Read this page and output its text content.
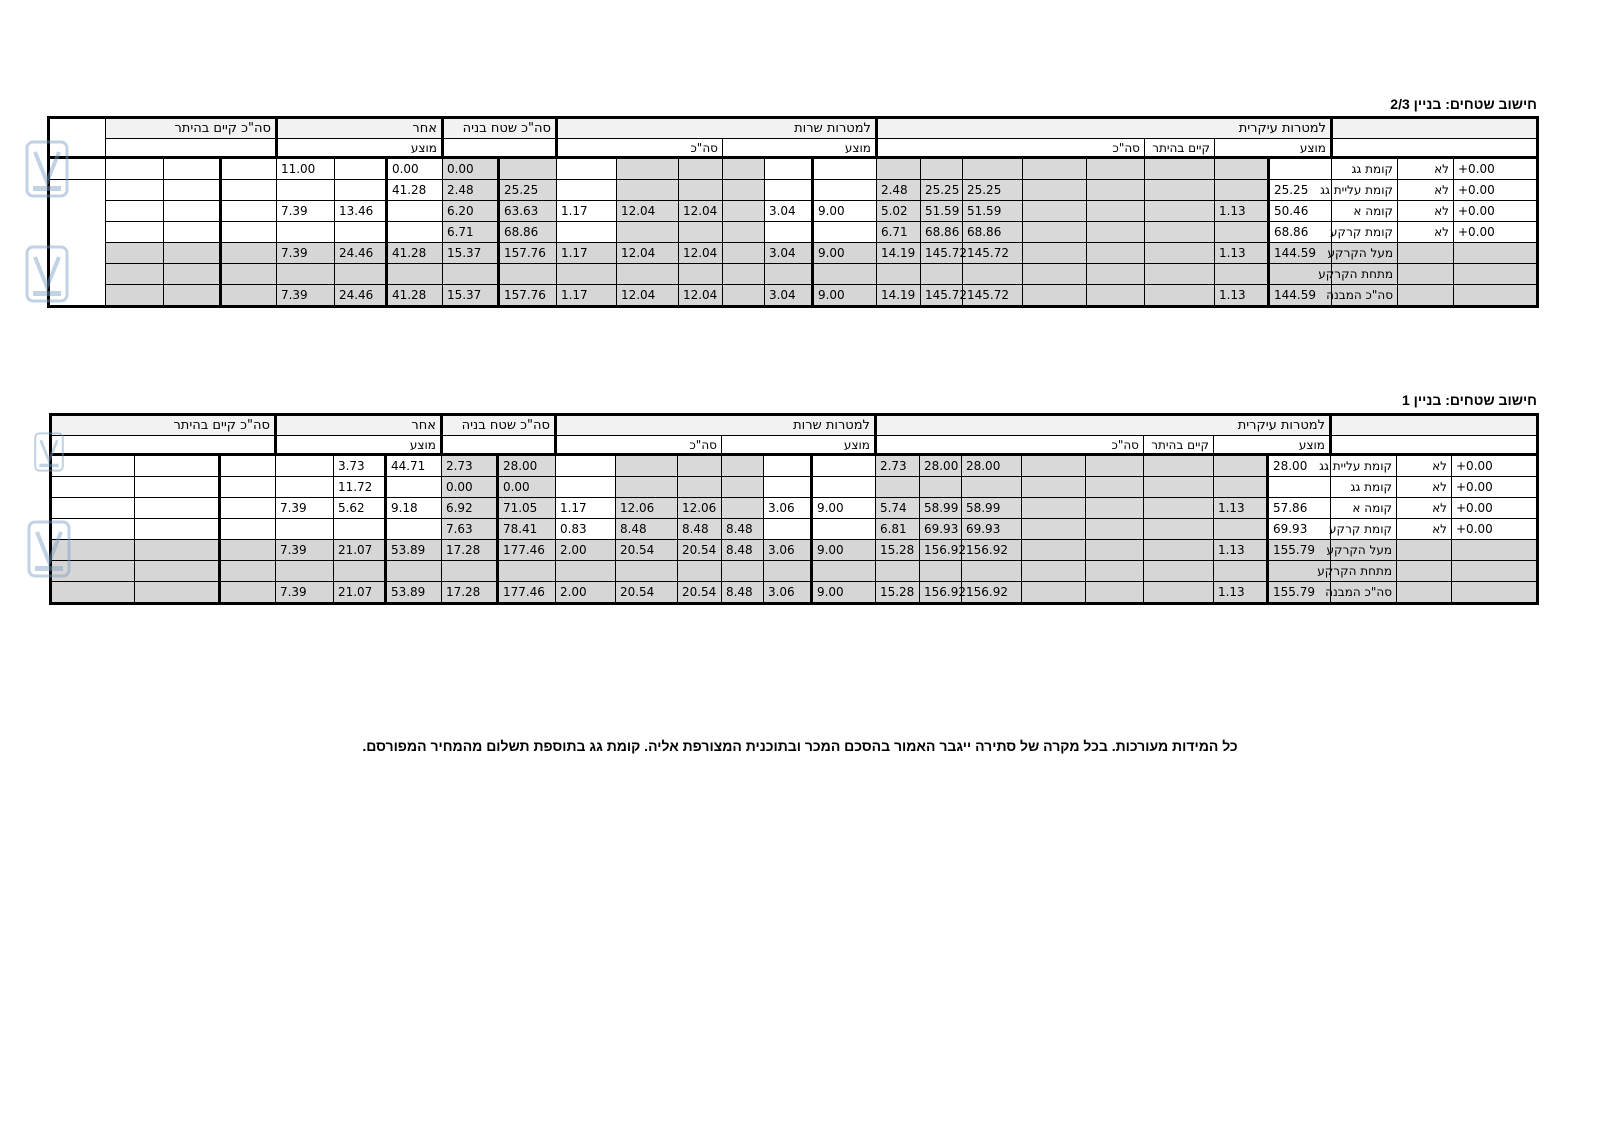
חישוב שטחים: בניין 2/3
			למטרות עיקרית								למטרות שרות						סה"כ שטח בניה		אחר			סה"כ קיים בהיתר			
			מוצע		קיים בהיתר	סה"כ					מוצע			סה"כ					מוצע						
+0.00	לא	קומת גג																0.00	0.00		11.00				
+0.00	לא	קומת עליית גג	25.25					25.25	25.25	2.48							25.25	2.48	41.28						
+0.00	לא	קומה א	50.46	1.13				51.59	51.59	5.02	9.00	3.04		12.04	12.04	1.17	63.63	6.20		13.46	7.39				
+0.00	לא	קומת קרקע	68.86					68.86	68.86	6.71							68.86	6.71							
		מעל הקרקע	144.59	1.13				145.72	145.72	14.19	9.00	3.04		12.04	12.04	1.17	157.76	15.37	41.28	24.46	7.39				
		מתחת הקרקע																							
		סה"כ המבנה	144.59	1.13				145.72	145.72	14.19	9.00	3.04		12.04	12.04	1.17	157.76	15.37	41.28	24.46	7.39				
חישוב שטחים: בניין 1
			למטרות עיקרית								למטרות שרות						סה"כ שטח בניה		אחר			סה"כ קיים בהיתר		
			מוצע		קיים בהיתר	סה"כ					מוצע			סה"כ					מוצע					
+0.00	לא	קומת עליית גג	28.00					28.00	28.00	2.73							28.00	2.73	44.71	3.73				
+0.00	לא	קומת גג															0.00	0.00		11.72				
+0.00	לא	קומה א	57.86	1.13				58.99	58.99	5.74	9.00	3.06		12.06	12.06	1.17	71.05	6.92	9.18	5.62	7.39			
+0.00	לא	קומת קרקע	69.93					69.93	69.93	6.81			8.48	8.48	8.48	0.83	78.41	7.63						
		מעל הקרקע	155.79	1.13				156.92	156.92	15.28	9.00	3.06	8.48	20.54	20.54	2.00	177.46	17.28	53.89	21.07	7.39			
		מתחת הקרקע																						
		סה"כ המבנה	155.79	1.13				156.92	156.92	15.28	9.00	3.06	8.48	20.54	20.54	2.00	177.46	17.28	53.89	21.07	7.39			
כל המידות מעורכות. בכל מקרה של סתירה ייגבר האמור בהסכם המכר ובתוכנית המצורפת אליה. קומת גג בתוספת תשלום מהמחיר המפורסם.
